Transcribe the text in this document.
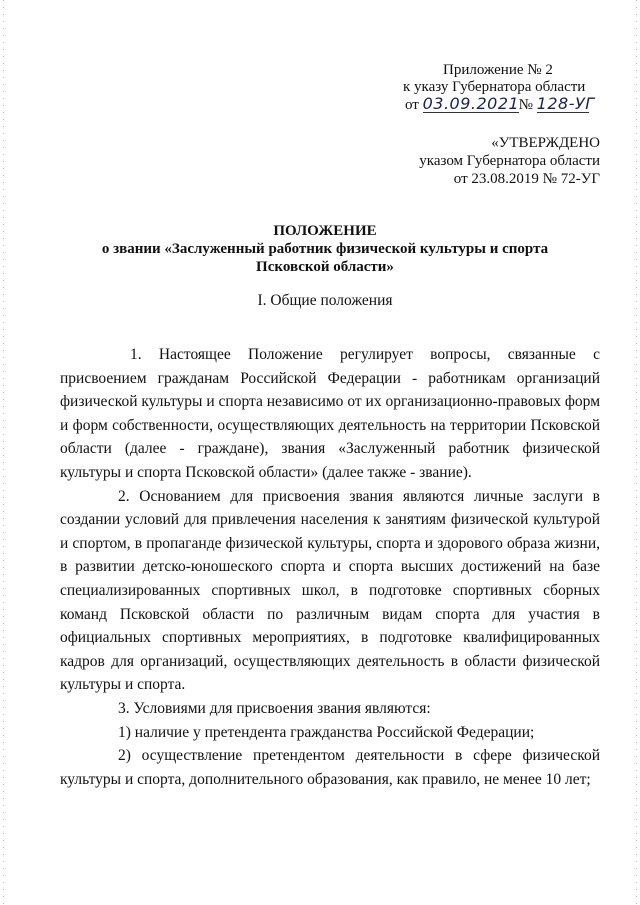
Приложение № 2
к указу Губернатора области
от 03.09.2021№ 128-УГ
«УТВЕРЖДЕНО
указом Губернатора области
от 23.08.2019 № 72-УГ
ПОЛОЖЕНИЕ
о звании «Заслуженный работник физической культуры и спорта
Псковской области»
I. Общие положения

1. Настоящее Положение регулирует вопросы, связанные с присвоением гражданам Российской Федерации - работникам организаций физической культуры и спорта независимо от их организационно-правовых форм и форм собственности, осуществляющих деятельность на территории Псковской области (далее - граждане), звания «Заслуженный работник физической культуры и спорта Псковской области» (далее также - звание).

2. Основанием для присвоения звания являются личные заслуги в создании условий для привлечения населения к занятиям физической культурой и спортом, в пропаганде физической культуры, спорта и здорового образа жизни, в развитии детско-юношеского спорта и спорта высших достижений на базе специализированных спортивных школ, в подготовке спортивных сборных команд Псковской области по различным видам спорта для участия в официальных спортивных мероприятиях, в подготовке квалифицированных кадров для организаций, осуществляющих деятельность в области физической культуры и спорта.

3. Условиями для присвоения звания являются:

1) наличие у претендента гражданства Российской Федерации;

2) осуществление претендентом деятельности в сфере физической культуры и спорта, дополнительного образования, как правило, не менее 10 лет;
